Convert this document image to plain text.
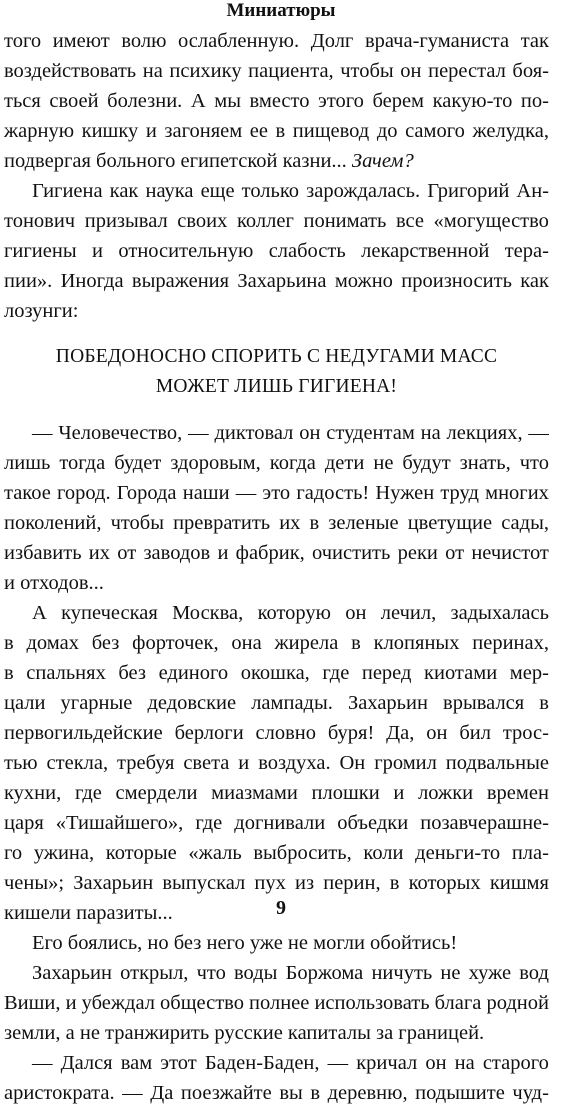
Миниатюры
того имеют волю ослабленную. Долг врача-гуманиста так
воздействовать на психику пациента, чтобы он перестал боя-
ться своей болезни. А мы вместо этого берем какую-то по-
жарную кишку и загоняем ее в пищевод до самого желудка,
подвергая больного египетской казни... Зачем?
Гигиена как наука еще только зарождалась. Григорий Ан-
тонович призывал своих коллег понимать все «могущество
гигиены и относительную слабость лекарственной тера-
пии». Иногда выражения Захарьина можно произносить как
лозунги:
ПОБЕДОНОСНО СПОРИТЬ С НЕДУГАМИ МАСС
МОЖЕТ ЛИШЬ ГИГИЕНА!
— Человечество, — диктовал он студентам на лекциях, —
лишь тогда будет здоровым, когда дети не будут знать, что
такое город. Города наши — это гадость! Нужен труд многих
поколений, чтобы превратить их в зеленые цветущие сады,
избавить их от заводов и фабрик, очистить реки от нечистот
и отходов...
А купеческая Москва, которую он лечил, задыхалась
в домах без форточек, она жирела в клопяных перинах,
в спальнях без единого окошка, где перед киотами мер-
цали угарные дедовские лампады. Захарьин врывался в
первогильдейские берлоги словно буря! Да, он бил трос-
тью стекла, требуя света и воздуха. Он громил подвальные
кухни, где смердели миазмами плошки и ложки времен
царя «Тишайшего», где догнивали объедки позавчерашне-
го ужина, которые «жаль выбросить, коли деньги-то пла-
чены»; Захарьин выпускал пух из перин, в которых кишмя
кишели паразиты...
Его боялись, но без него уже не могли обойтись!
Захарьин открыл, что воды Боржома ничуть не хуже вод
Виши, и убеждал общество полнее использовать блага родной
земли, а не транжирить русские капиталы за границей.
— Дался вам этот Баден-Баден, — кричал он на старого
аристократа. — Да поезжайте вы в деревню, подышите чуд-
9
